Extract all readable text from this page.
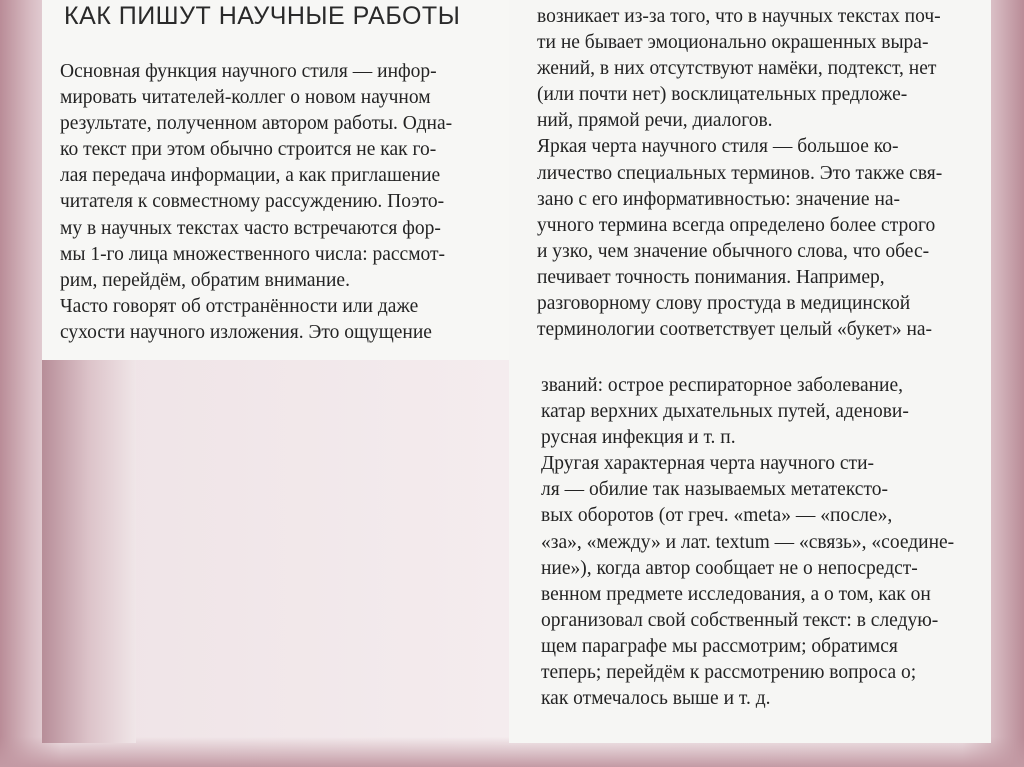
КАК ПИШУТ НАУЧНЫЕ РАБОТЫ
Основная функция научного стиля — инфор-
мировать читателей-коллег о новом научном
результате, полученном автором работы. Одна-
ко текст при этом обычно строится не как го-
лая передача информации, а как приглашение
читателя к совместному рассуждению. Поэто-
му в научных текстах часто встречаются фор-
мы 1-го лица множественного числа: рассмот-
рим, перейдём, обратим внимание.
Часто говорят об отстранённости или даже
сухости научного изложения. Это ощущение
возникает из-за того, что в научных текстах поч-
ти не бывает эмоционально окрашенных выра-
жений, в них отсутствуют намёки, подтекст, нет
(или почти нет) восклицательных предложе-
ний, прямой речи, диалогов.
Яркая черта научного стиля — большое ко-
личество специальных терминов. Это также свя-
зано с его информативностью: значение на-
учного термина всегда определено более строго
и узко, чем значение обычного слова, что обес-
печивает точность понимания. Например,
разговорному слову простуда в медицинской
терминологии соответствует целый «букет» на-
званий: острое респираторное заболевание,
катар верхних дыхательных путей, аденови-
русная инфекция и т. п.
Другая характерная черта научного сти-
ля — обилие так называемых метатексто-
вых оборотов (от греч. «meta» — «после»,
«за», «между» и лат. textum — «связь», «соедине-
ние»), когда автор сообщает не о непосредст-
венном предмете исследования, а о том, как он
организовал свой собственный текст: в следую-
щем параграфе мы рассмотрим; обратимся
теперь; перейдём к рассмотрению вопроса о;
как отмечалось выше и т. д.
